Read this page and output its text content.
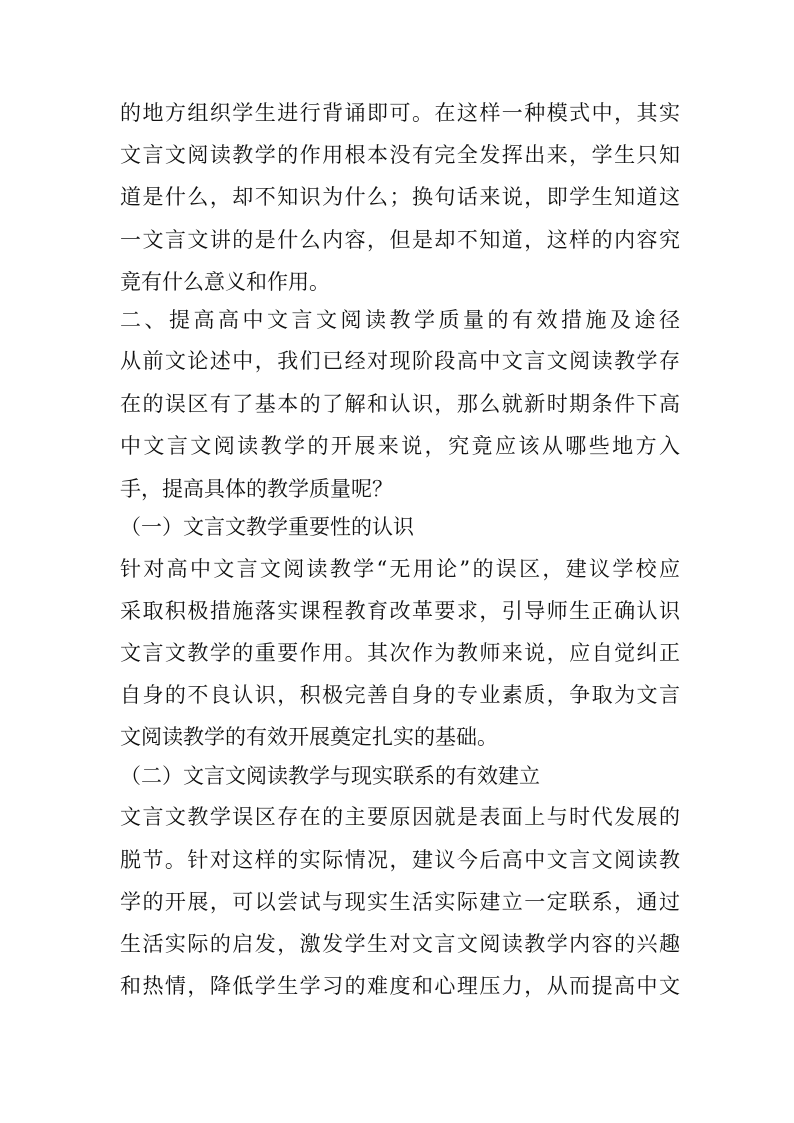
的地方组织学生进行背诵即可。在这样一种模式中，其实
文言文阅读教学的作用根本没有完全发挥出来，学生只知
道是什么，却不知识为什么；换句话来说，即学生知道这
一文言文讲的是什么内容，但是却不知道，这样的内容究
竟有什么意义和作用。
二、提高高中文言文阅读教学质量的有效措施及途径
从前文论述中，我们已经对现阶段高中文言文阅读教学存
在的误区有了基本的了解和认识，那么就新时期条件下高
中文言文阅读教学的开展来说，究竟应该从哪些地方入
手，提高具体的教学质量呢？
（一）文言文教学重要性的认识
针对高中文言文阅读教学“无用论”的误区，建议学校应
采取积极措施落实课程教育改革要求，引导师生正确认识
文言文教学的重要作用。其次作为教师来说，应自觉纠正
自身的不良认识，积极完善自身的专业素质，争取为文言
文阅读教学的有效开展奠定扎实的基础。
（二）文言文阅读教学与现实联系的有效建立
文言文教学误区存在的主要原因就是表面上与时代发展的
脱节。针对这样的实际情况，建议今后高中文言文阅读教
学的开展，可以尝试与现实生活实际建立一定联系，通过
生活实际的启发，激发学生对文言文阅读教学内容的兴趣
和热情，降低学生学习的难度和心理压力，从而提高中文
